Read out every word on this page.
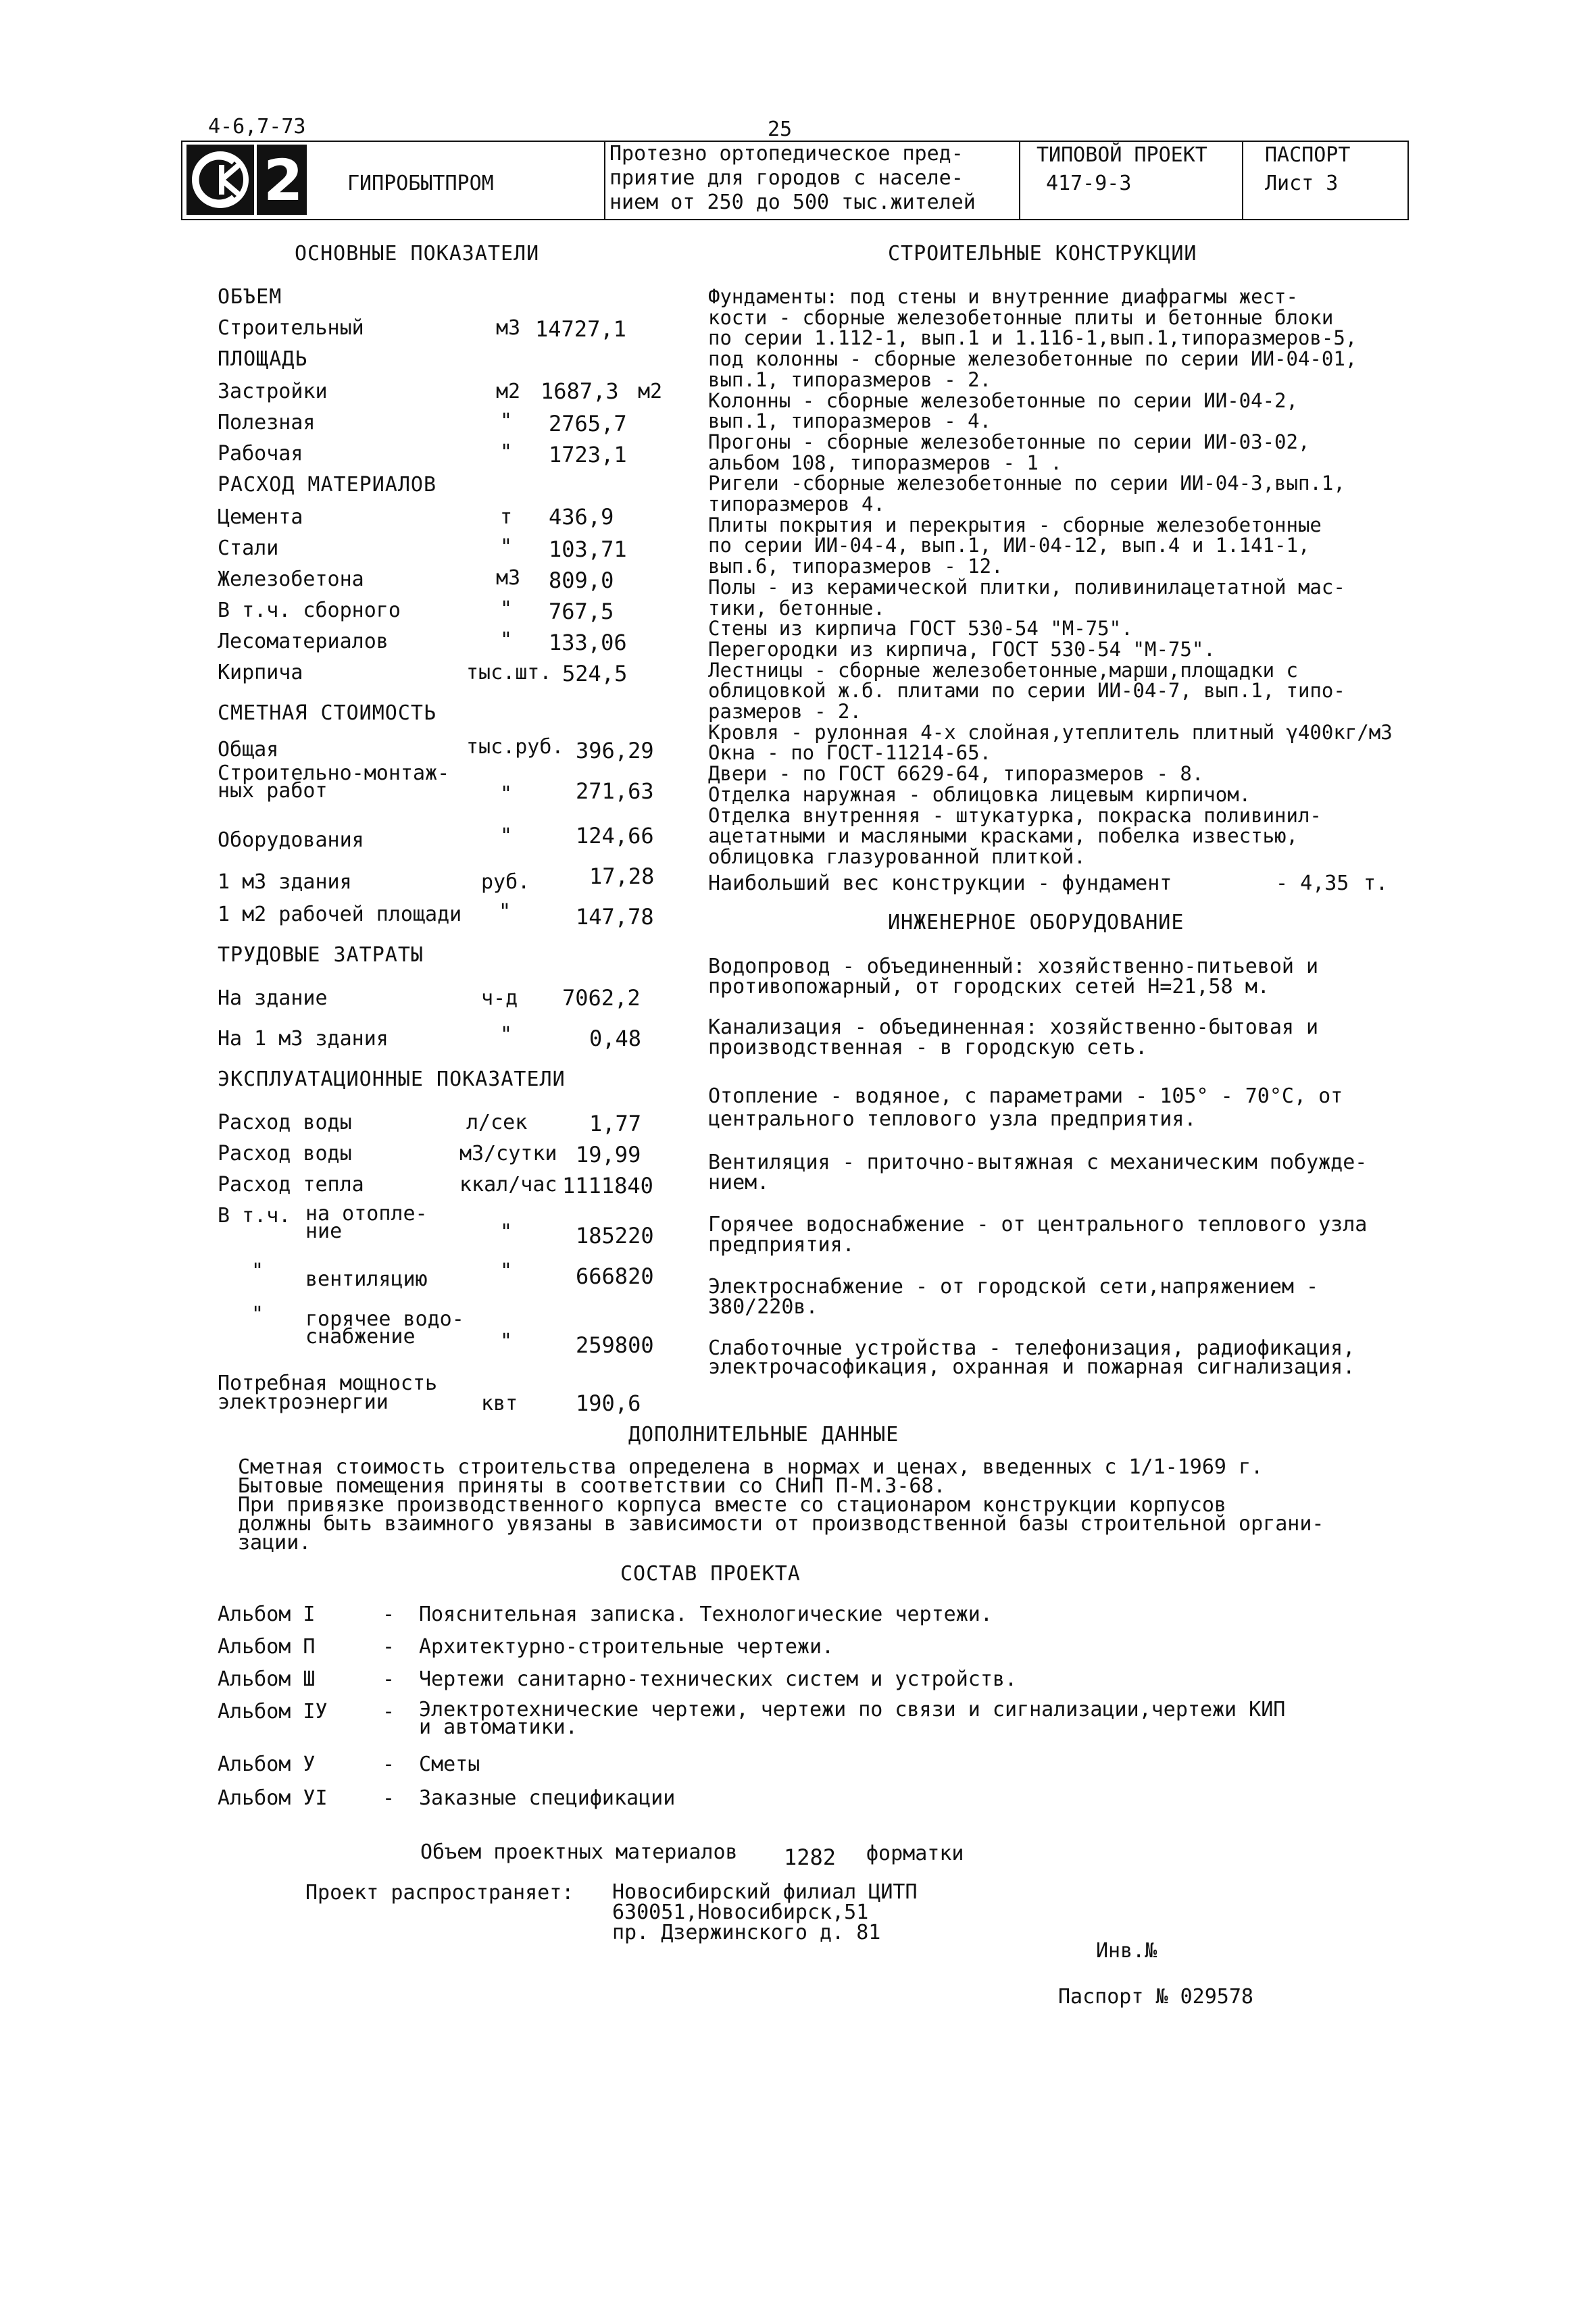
4-6,7-73	25
2 ГИПРОБЫТПРОМ
Протезно ортопедическое пред-
приятие для городов с населе-
нием от 250 до 500 тыс.жителей
ТИПОВОЙ ПРОЕКТ
417-9-3
ПАСПОРТ
Лист 3
ОСНОВНЫЕ ПОКАЗАТЕЛИ
ОБЪЕМ
Строительный	м3 14727,1
ПЛОЩАДЬ
Застройки	м2 1687,3 м2
Полезная	" 2765,7
Рабочая	" 1723,1
РАСХОД МАТЕРИАЛОВ
Цемента	т 436,9
Стали	" 103,71
Железобетона	м3 809,0
В т.ч. сборного	" 767,5
Лесоматериалов	" 133,06
Кирпича	тыс.шт. 524,5
СМЕТНАЯ СТОИМОСТЬ
Общая	тыс.руб. 396,29
Строительно-монтаж-
ных работ	"	271,63
Оборудования	"	124,66
1 м3 здания	руб.	17,28
1 м2 рабочей площади "	147,78
ТРУДОВЫЕ ЗАТРАТЫ
На здание	ч-д 7062,2
На 1 м3 здания	"	0,48
ЭКСПЛУАТАЦИОННЫЕ ПОКАЗАТЕЛИ
Расход воды	л/сек	1,77
Расход воды	м3/сутки 19,99
Расход тепла	ккал/час 1111840
В т.ч. на отопле-
ние	"	185220
" вентиляцию	"	666820
" горячее водо-
снабжение	"	259800
Потребная мощность
электроэнергии	квт	190,6
СТРОИТЕЛЬНЫЕ КОНСТРУКЦИИ
Фундаменты: под стены и внутренние диафрагмы жест-
кости - сборные железобетонные плиты и бетонные блоки
по серии 1.112-1, вып.1 и 1.116-1,вып.1,типоразмеров-5,
под колонны - сборные железобетонные по серии ИИ-04-01,
вып.1, типоразмеров - 2.
Колонны - сборные железобетонные по серии ИИ-04-2,
вып.1, типоразмеров - 4.
Прогоны - сборные железобетонные по серии ИИ-03-02,
альбом 108, типоразмеров - 1 .
Ригели -сборные железобетонные по серии ИИ-04-3,вып.1,
типоразмеров 4.
Плиты покрытия и перекрытия - сборные железобетонные
по серии ИИ-04-4, вып.1, ИИ-04-12, вып.4 и 1.141-1,
вып.6, типоразмеров - 12.
Полы - из керамической плитки, поливинилацетатной мас-
тики, бетонные.
Стены из кирпича ГОСТ 530-54 "М-75".
Перегородки из кирпича, ГОСТ 530-54 "М-75".
Лестницы - сборные железобетонные,марши,площадки с
облицовкой ж.б. плитами по серии ИИ-04-7, вып.1, типо-
размеров - 2.
Кровля - рулонная 4-х слойная,утеплитель плитный γ400кг/м3
Окна - по ГОСТ-11214-65.
Двери - по ГОСТ 6629-64, типоразмеров - 8.
Отделка наружная - облицовка лицевым кирпичом.
Отделка внутренняя - штукатурка, покраска поливинил-
ацетатными и масляными красками, побелка известью,
облицовка глазурованной плиткой.
Наибольший вес конструкции - фундамент	- 4,35 т.
ИНЖЕНЕРНОЕ ОБОРУДОВАНИЕ
Водопровод - объединенный: хозяйственно-питьевой и
противопожарный, от городских сетей Н=21,58 м.
Канализация - объединенная: хозяйственно-бытовая и
производственная - в городскую сеть.
Отопление - водяное, с параметрами - 105° - 70°С, от
центрального теплового узла предприятия.
Вентиляция - приточно-вытяжная с механическим побужде-
нием.
Горячее водоснабжение - от центрального теплового узла
предприятия.
Электроснабжение - от городской сети,напряжением -
380/220в.
Слаботочные устройства - телефонизация, радиофикация,
электрочасофикация, охранная и пожарная сигнализация.
ДОПОЛНИТЕЛЬНЫЕ ДАННЫЕ
Сметная стоимость строительства определена в нормах и ценах, введенных с 1/1-1969 г.
Бытовые помещения приняты в соответствии со СНиП П-М.3-68.
При привязке производственного корпуса вместе со стационаром конструкции корпусов
должны быть взаимного увязаны в зависимости от производственной базы строительной органи-
зации.
СОСТАВ ПРОЕКТА
Альбом I	- Пояснительная записка. Технологические чертежи.
Альбом П	- Архитектурно-строительные чертежи.
Альбом Ш	- Чертежи санитарно-технических систем и устройств.
Альбом IУ	- Электротехнические чертежи, чертежи по связи и сигнализации,чертежи КИП
и автоматики.
Альбом У	- Сметы
Альбом УI	- Заказные спецификации
Объем проектных материалов 1282 форматки
Проект распространяет: Новосибирский филиал ЦИТП
630051,Новосибирск,51
пр. Дзержинского д. 81
Инв.№
Паспорт № 029578
